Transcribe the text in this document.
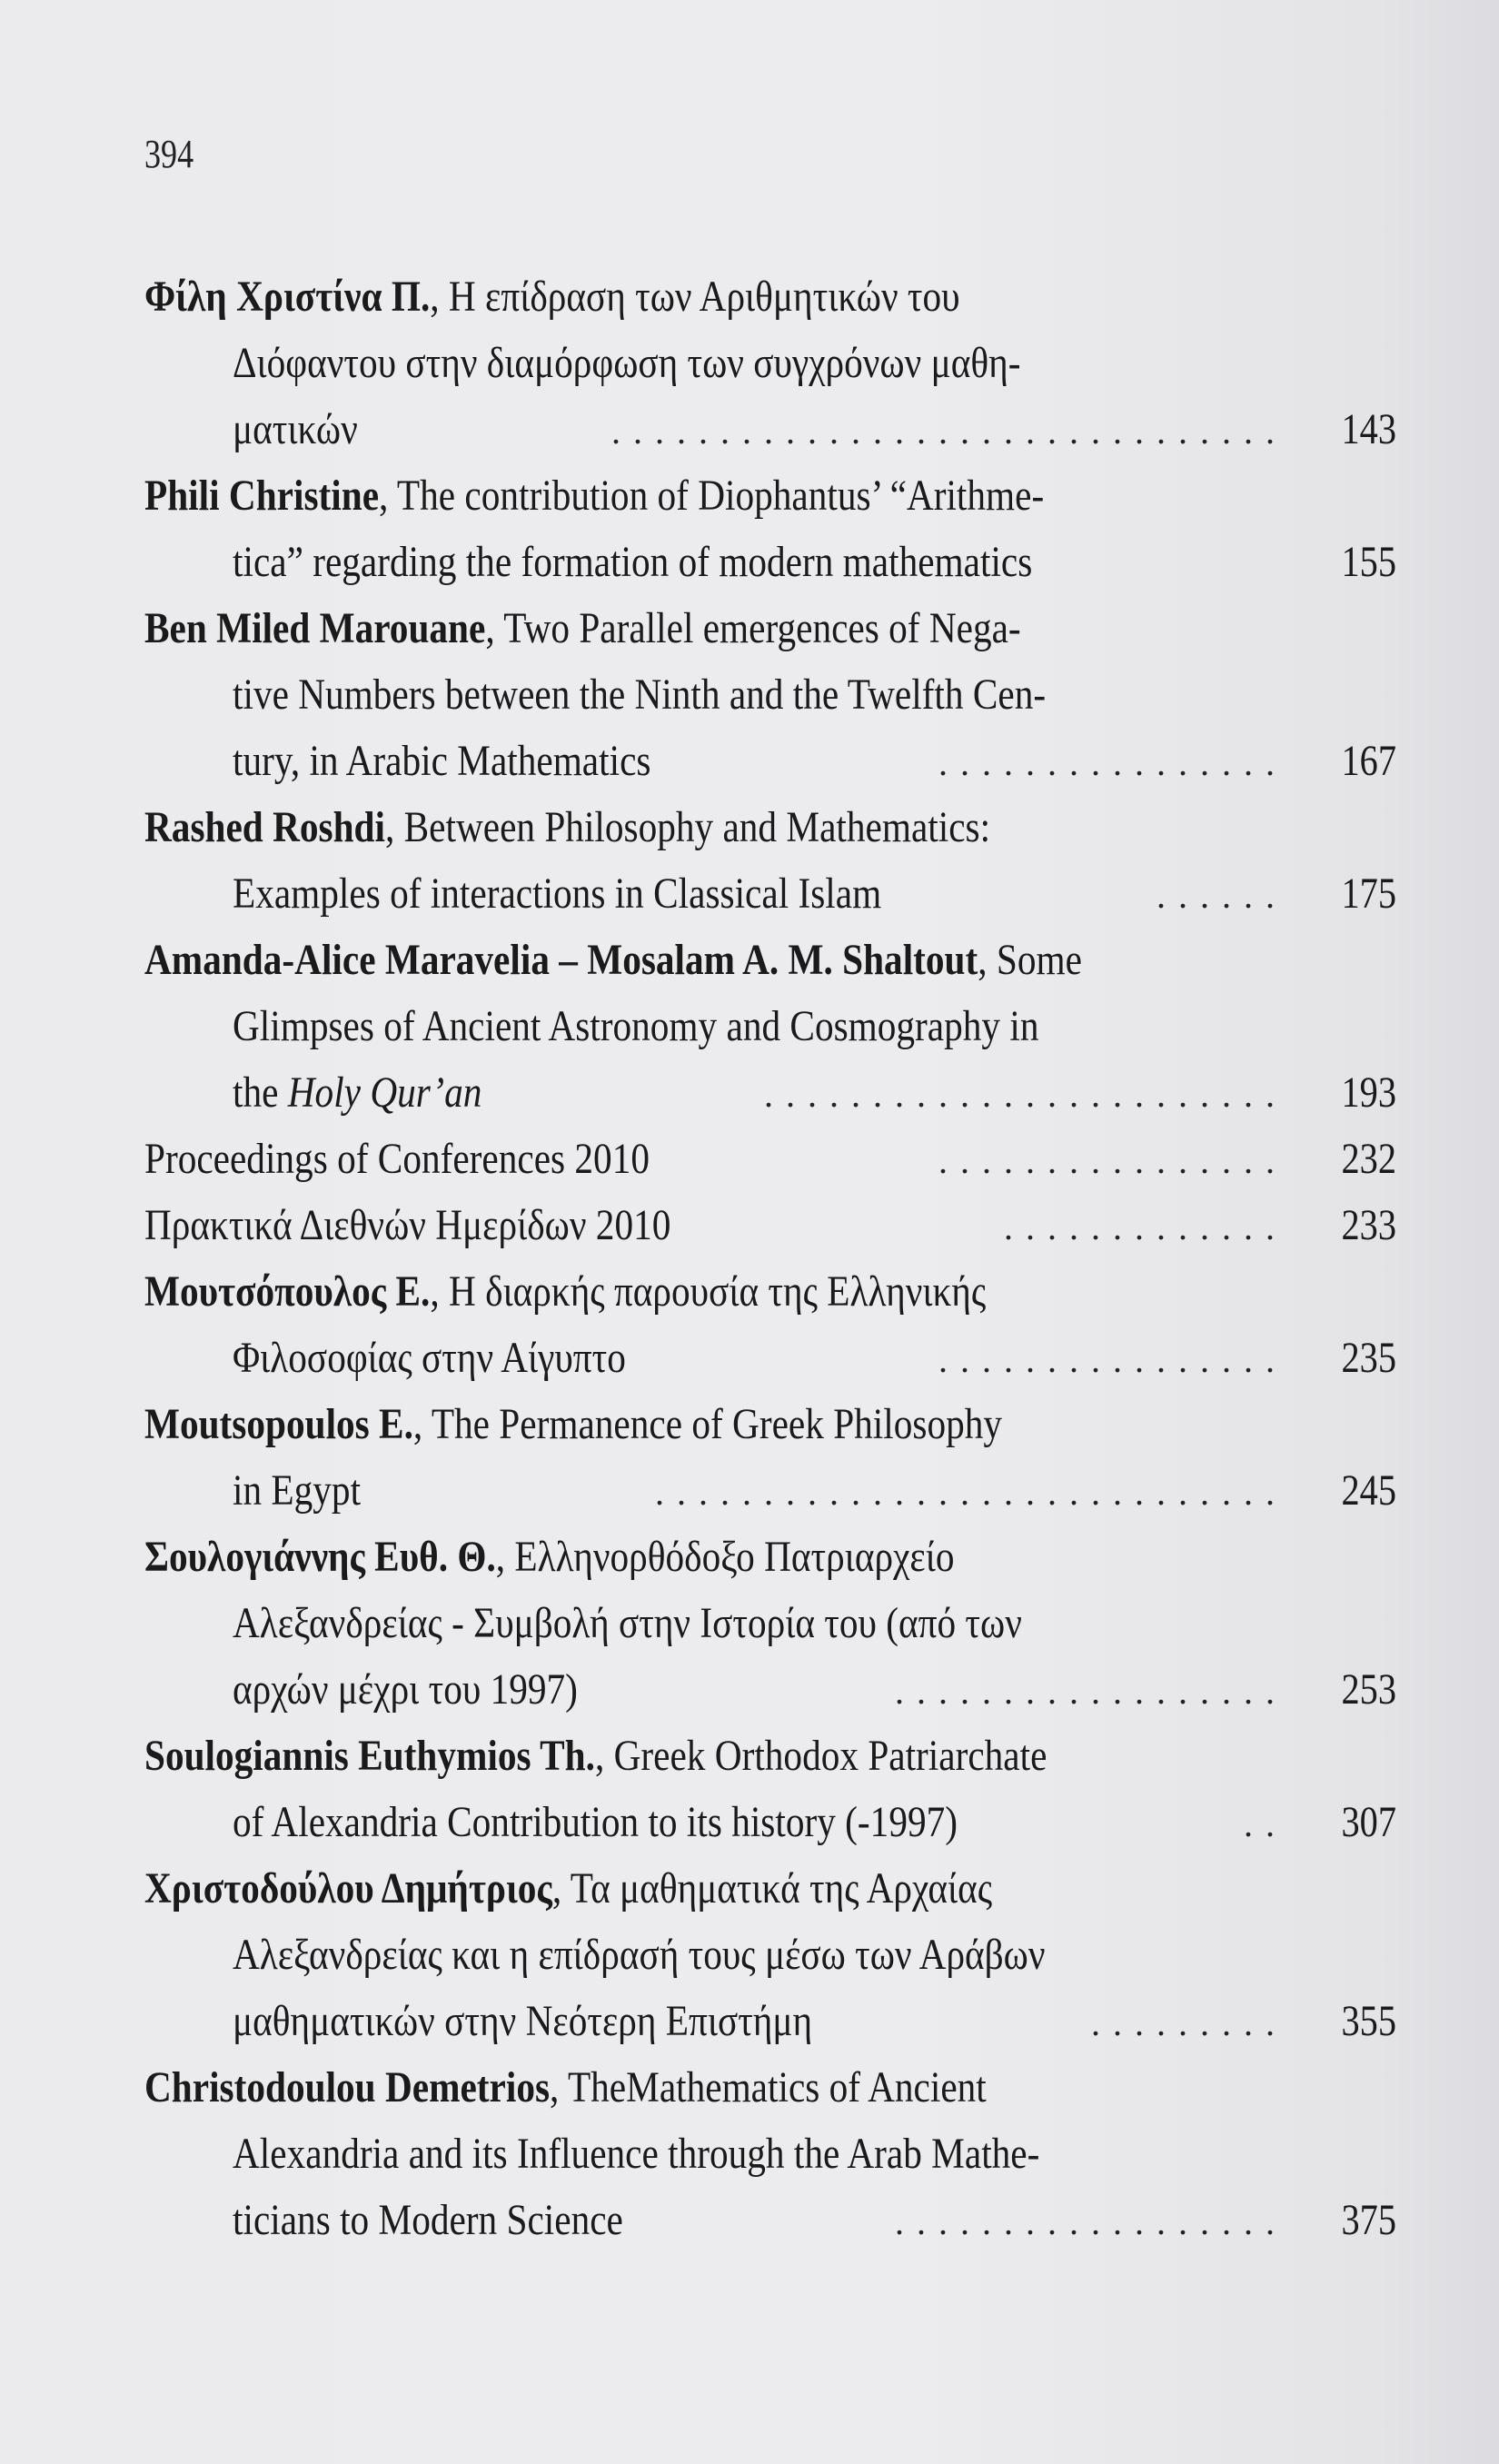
394
Φίλη Χριστίνα Π., Η επίδραση των Αριθμητικών του
Διόφαντου στην διαμόρφωση των συγχρόνων μαθη-
ματικών	............................... 143
Phili Christine, The contribution of Diophantus’ “Arithme-
tica” regarding the formation of modern mathematics	155
Ben Miled Marouane, Two Parallel emergences of Nega-
tive Numbers between the Ninth and the Twelfth Cen-
tury, in Arabic Mathematics	................ 167
Rashed Roshdi, Between Philosophy and Mathematics:
Examples of interactions in Classical Islam	...... 175
Amanda-Alice Maravelia – Mosalam A. M. Shaltout, Some
Glimpses of Ancient Astronomy and Cosmography in
the Holy Qur’an	........................ 193
Proceedings of Conferences 2010	................ 232
Πρακτικά Διεθνών Ημερίδων 2010	............. 233
Μουτσόπουλος Ε., Η διαρκής παρουσία της Ελληνικής
Φιλοσοφίας στην Αίγυπτο	................ 235
Moutsopoulos E., The Permanence of Greek Philosophy
in Egypt	............................. 245
Σουλογιάννης Ευθ. Θ., Ελληνορθόδοξο Πατριαρχείο
Αλεξανδρείας - Συμβολή στην Ιστορία του (από των
αρχών μέχρι του 1997)	.................. 253
Soulogiannis Euthymios Th., Greek Orthodox Patriarchate
of Alexandria Contribution to its history (-1997)	.. 307
Χριστοδούλου Δημήτριος, Τα μαθηματικά της Αρχαίας
Αλεξανδρείας και η επίδρασή τους μέσω των Αράβων
μαθηματικών στην Νεότερη Επιστήμη	......... 355
Christodoulou Demetrios, TheMathematics of Ancient
Alexandria and its Influence through the Arab Mathe-
ticians to Modern Science	.................. 375
